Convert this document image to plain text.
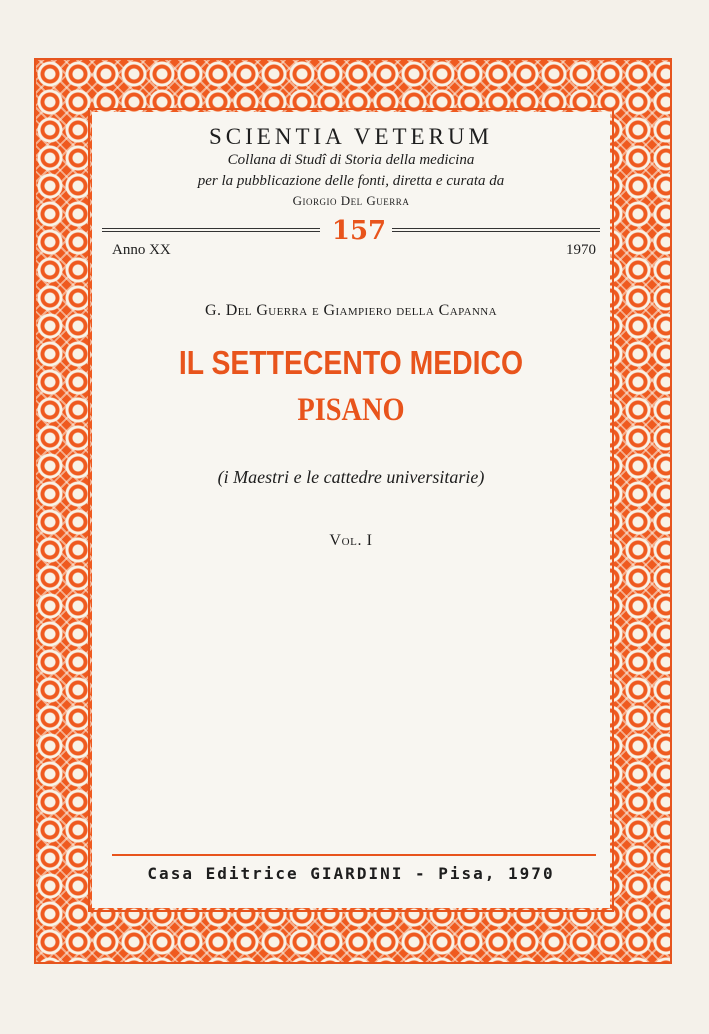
SCIENTIA VETERUM
Collana di Studî di Storia della medicina
per la pubblicazione delle fonti, diretta e curata da
Giorgio Del Guerra
157
Anno XX	1970
G. Del Guerra e Giampiero della Capanna
IL SETTECENTO MEDICO
PISANO
(i Maestri e le cattedre universitarie)
Vol. I
Casa Editrice GIARDINI - Pisa, 1970
